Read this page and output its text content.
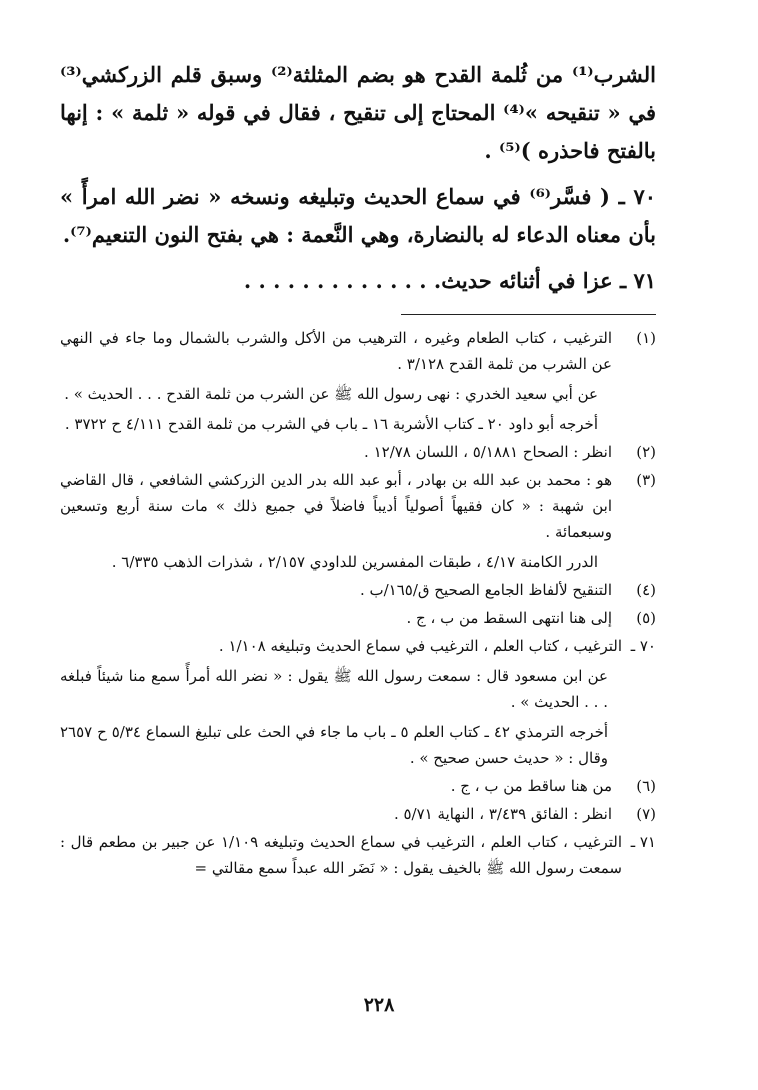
الشرب⁽¹⁾ من ثُلمة القدح هو بضم المثلثة⁽²⁾ وسبق قلم الزركشي⁽³⁾ في « تنقيحه »⁽⁴⁾ المحتاج إلى تنقيح ، فقال في قوله « ثلمة » : إنها بالفتح فاحذره )⁽⁵⁾ .

٧٠ ـ ( فسَّر⁽⁶⁾ في سماع الحديث وتبليغه ونسخه « نضر الله امرأً » بأن معناه الدعاء له بالنضارة، وهي النَّعمة : هي بفتح النون التنعيم⁽⁷⁾.

٧١ ـ عزا في أثنائه حديث. . . . . . . . . . . . . .

(١)

الترغيب ، كتاب الطعام وغيره ، الترهيب من الأكل والشرب بالشمال وما جاء في النهي عن الشرب من ثلمة القدح ٣/١٢٨ .

عن أبي سعيد الخدري : نهى رسول الله ﷺ عن الشرب من ثلمة القدح . . . الحديث » .

أخرجه أبو داود ٢٠ ـ كتاب الأشربة ١٦ ـ باب في الشرب من ثلمة القدح ٤/١١١ ح ٣٧٢٢ .

(٢)

انظر : الصحاح ٥/١٨٨١ ، اللسان ١٢/٧٨ .

(٣)

هو : محمد بن عبد الله بن بهادر ، أبو عبد الله بدر الدين الزركشي الشافعي ، قال القاضي ابن شهبة : « كان فقيهاً أصولياً أديباً فاضلاً في جميع ذلك » مات سنة أربع وتسعين وسبعمائة .

الدرر الكامنة ٤/١٧ ، طبقات المفسرين للداودي ٢/١٥٧ ، شذرات الذهب ٦/٣٣٥ .

(٤)

التنقيح لألفاظ الجامع الصحيح ق/١٦٥/ب .

(٥)

إلى هنا انتهى السقط من ب ، ج .

٧٠ ـ

الترغيب ، كتاب العلم ، الترغيب في سماع الحديث وتبليغه ١/١٠٨ .

عن ابن مسعود قال : سمعت رسول الله ﷺ يقول : « نضر الله أمرأً سمع منا شيئاً فبلغه . . . الحديث » .

أخرجه الترمذي ٤٢ ـ كتاب العلم ٥ ـ باب ما جاء في الحث على تبليغ السماع ٥/٣٤ ح ٢٦٥٧ وقال : « حديث حسن صحيح » .

(٦)

من هنا ساقط من ب ، ج .

(٧)

انظر : الفائق ٣/٤٣٩ ، النهاية ٥/٧١ .

٧١ ـ

الترغيب ، كتاب العلم ، الترغيب في سماع الحديث وتبليغه ١/١٠٩ عن جبير بن مطعم قال : سمعت رسول الله ﷺ بالخيف يقول : « نَضَر الله عبداً سمع مقالتي =

٢٢٨
